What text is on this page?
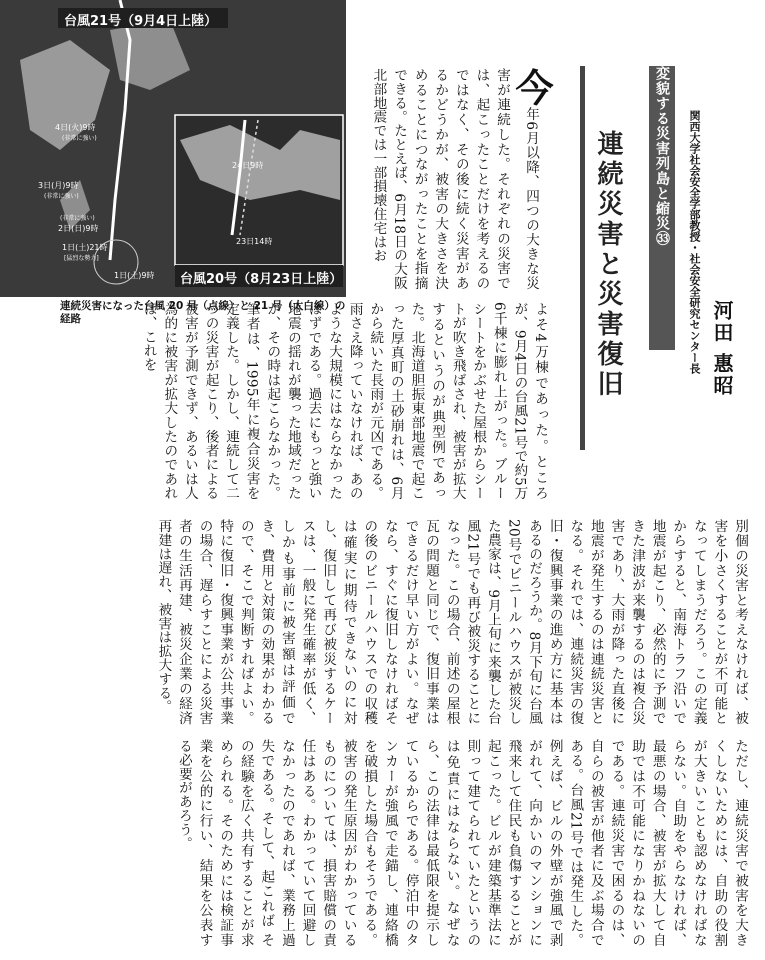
台風21号（9月4日上陸）
台風20号（8月23日上陸）
4日(火)9時
(非常に強い)
3日(月)9時
(非常に強い)
(非常に強い)
2日(日)9時
1日(土)21時
[猛烈な勢力]
1日(土)9時
24日9時
23日14時
連続災害になった台風 20 号（点線）と 21 号（太白線）の経路
変貌する災害列島と縮災㉝
連続災害と災害復旧	関西大学社会安全学部教授・社会安全研究センター長 河田 惠昭
今年6月以降、四つの大きな災害が連続した。それぞれの災害では、起こったことだけを考えるのではなく、その後に続く災害があるかどうかが、被害の大きさを決めることにつながったことを指摘できる。たとえば、6月18日の大阪北部地震では一部損壊住宅はお
よそ4万棟であった。ところが、9月4日の台風21号で約5万6千棟に膨れ上がった。ブルーシートをかぶせた屋根からシートが吹き飛ばされ、被害が拡大するというのが典型例であった。北海道胆振東部地震で起こった厚真町の土砂崩れは、6月から続いた長雨が元凶である。雨さえ降っていなければ、あのような大規模にはならなかったはずである。過去にもっと強い地震の揺れが襲った地域だったが、その時は起こらなかった。筆者は、1995年に複合災害を定義した。しかし、連続して二つの災害が起こり、後者による被害が予測できず、あるいは人為的に被害が拡大したのであれば、これを
別個の災害と考えなければ、被害を小さくすることが不可能となってしまうだろう。この定義からすると、南海トラフ沿いで地震が起こり、必然的に予測できた津波が来襲するのは複合災害であり、大雨が降った直後に地震が発生するのは連続災害となる。それでは、連続災害の復旧・復興事業の進め方に基本はあるのだろうか。8月下旬に台風20号でビニールハウスが被災した農家は、9月上旬に来襲した台風21号でも再び被災することになった。この場合、前述の屋根瓦の問題と同じで、復旧事業はできるだけ早い方がよい。なぜなら、すぐに復旧しなければその後のビニールハウスでの収穫は確実に期待できないのに対し、復旧して再び被災するケースは、一般に発生確率が低く、しかも事前に被害額は評価でき、費用と対策の効果がわかるので、そこで判断すればよい。特に復旧・復興事業が公共事業の場合、遅らすことによる災害者の生活再建、被災企業の経済再建は遅れ、被害は拡大する。
ただし、連続災害で被害を大きくしないためには、自助の役割が大きいことも認めなければならない。自助をやらなければ、最悪の場合、被害が拡大して自助では不可能になりかねないのである。連続災害で困るのは、自らの被害が他者に及ぶ場合である。台風21号では発生した。例えば、ビルの外壁が強風で剥がれて、向かいのマンションに飛来して住民も負傷することが起こった。ビルが建築基準法に則って建てられていたというのは免責にはならない。なぜなら、この法律は最低限を提示しているからである。停泊中のタンカーが強風で走錨し、連絡橋を破損した場合もそうである。被害の発生原因がわかっているものについては、損害賠償の責任はある。わかっていて回避しなかったのであれば、業務上過失である。そして、起これば その経験を広く共有することが求められる。そのためには検証事業を公的に行い、結果を公表する必要があろう。
